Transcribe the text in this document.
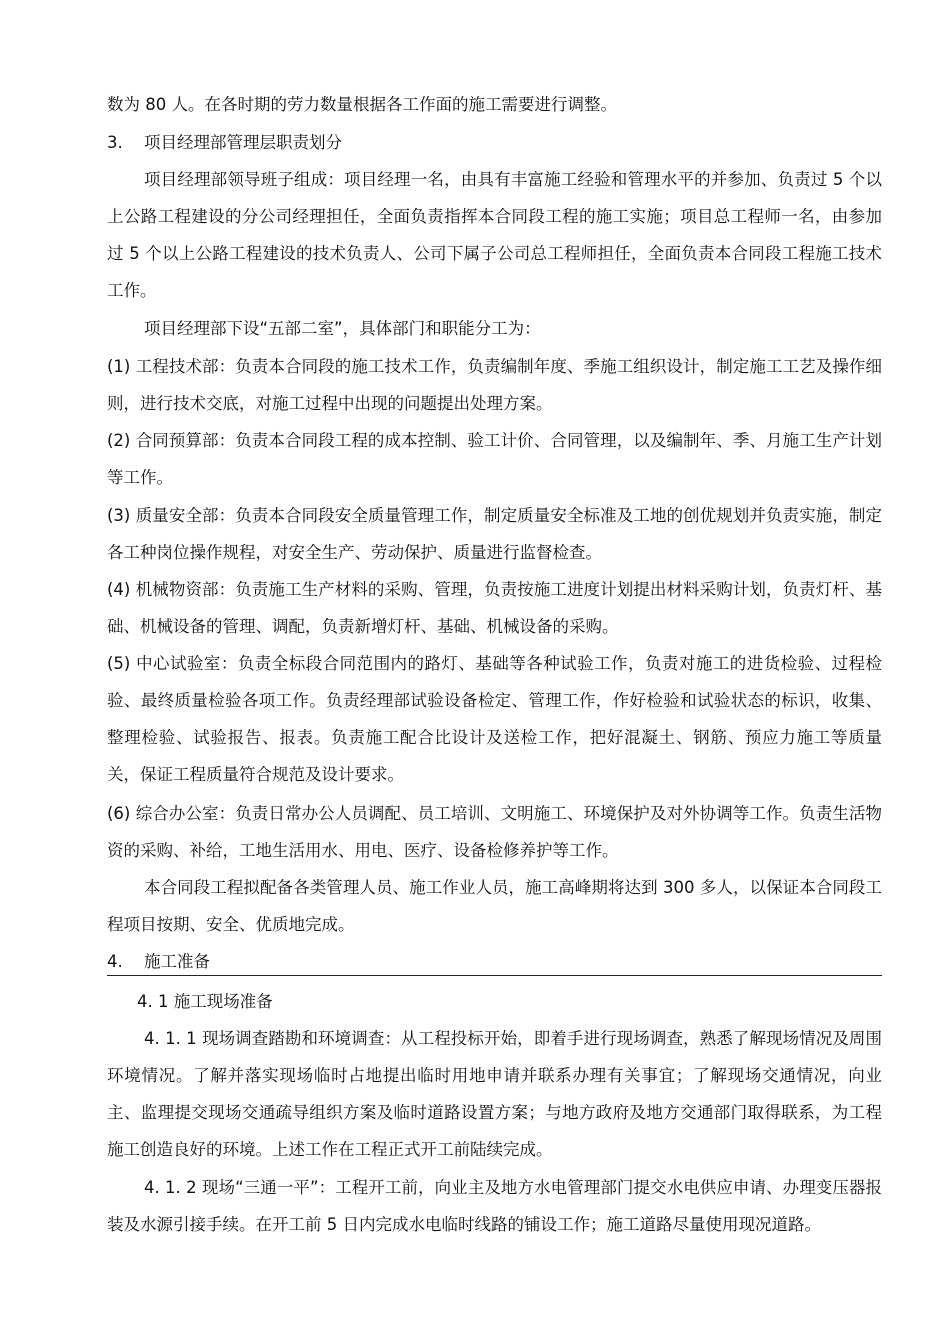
数为 80 人。在各时期的劳力数量根据各工作面的施工需要进行调整。

3. 项目经理部管理层职责划分

项目经理部领导班子组成：项目经理一名，由具有丰富施工经验和管理水平的并参加、负责过 5 个以上公路工程建设的分公司经理担任，全面负责指挥本合同段工程的施工实施；项目总工程师一名，由参加过 5 个以上公路工程建设的技术负责人、公司下属子公司总工程师担任，全面负责本合同段工程施工技术工作。

项目经理部下设“五部二室”，具体部门和职能分工为：

(1) 工程技术部：负责本合同段的施工技术工作，负责编制年度、季施工组织设计，制定施工工艺及操作细则，进行技术交底，对施工过程中出现的问题提出处理方案。

(2) 合同预算部：负责本合同段工程的成本控制、验工计价、合同管理，以及编制年、季、月施工生产计划等工作。

(3) 质量安全部：负责本合同段安全质量管理工作，制定质量安全标准及工地的创优规划并负责实施，制定各工种岗位操作规程，对安全生产、劳动保护、质量进行监督检查。

(4) 机械物资部：负责施工生产材料的采购、管理，负责按施工进度计划提出材料采购计划，负责灯杆、基础、机械设备的管理、调配，负责新增灯杆、基础、机械设备的采购。

(5) 中心试验室：负责全标段合同范围内的路灯、基础等各种试验工作，负责对施工的进货检验、过程检验、最终质量检验各项工作。负责经理部试验设备检定、管理工作，作好检验和试验状态的标识，收集、整理检验、试验报告、报表。负责施工配合比设计及送检工作，把好混凝土、钢筋、预应力施工等质量关，保证工程质量符合规范及设计要求。

(6) 综合办公室：负责日常办公人员调配、员工培训、文明施工、环境保护及对外协调等工作。负责生活物资的采购、补给，工地生活用水、用电、医疗、设备检修养护等工作。

本合同段工程拟配备各类管理人员、施工作业人员，施工高峰期将达到 300 多人，以保证本合同段工程项目按期、安全、优质地完成。

4. 施工准备

4. 1 施工现场准备

4. 1. 1 现场调查踏勘和环境调查：从工程投标开始，即着手进行现场调查，熟悉了解现场情况及周围环境情况。了解并落实现场临时占地提出临时用地申请并联系办理有关事宜；了解现场交通情况，向业主、监理提交现场交通疏导组织方案及临时道路设置方案；与地方政府及地方交通部门取得联系，为工程施工创造良好的环境。上述工作在工程正式开工前陆续完成。

4. 1. 2 现场“三通一平”：工程开工前，向业主及地方水电管理部门提交水电供应申请、办理变压器报装及水源引接手续。在开工前 5 日内完成水电临时线路的铺设工作；施工道路尽量使用现况道路。
